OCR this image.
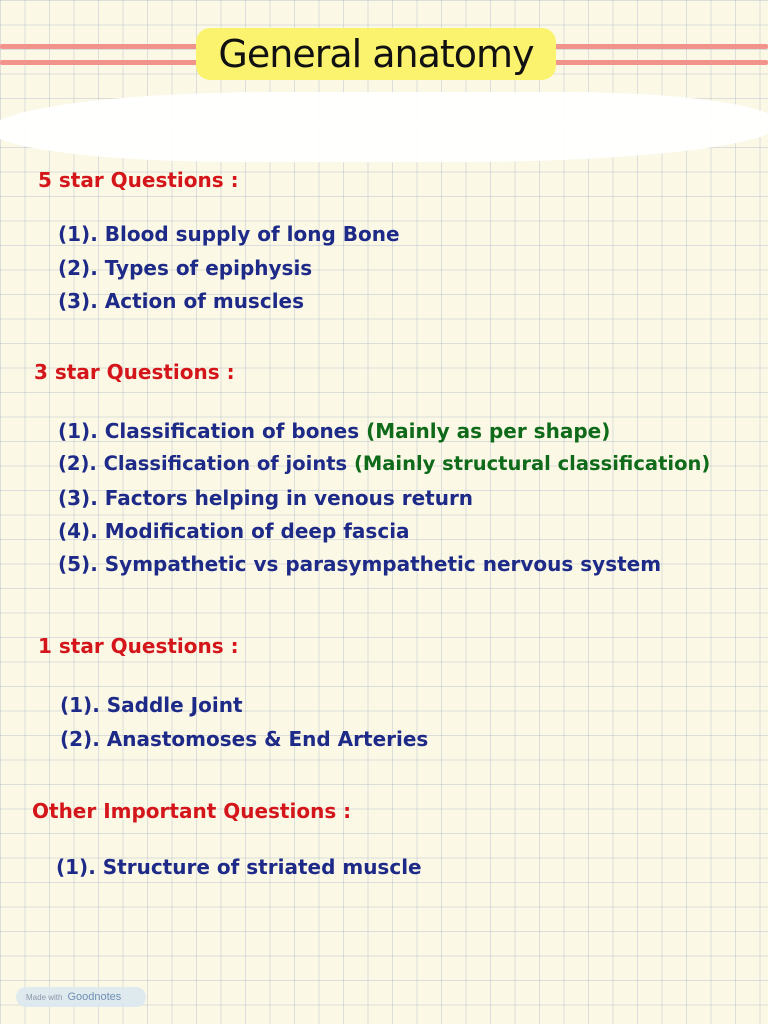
General anatomy

5 star Questions :

(1). Blood supply of long Bone

(2). Types of epiphysis

(3). Action of muscles

3 star Questions :

(1). Classification of bones (Mainly as per shape)

(2). Classification of joints (Mainly structural classification)

(3). Factors helping in venous return

(4). Modification of deep fascia

(5). Sympathetic vs parasympathetic nervous system

1 star Questions :

(1). Saddle Joint

(2). Anastomoses & End Arteries

Other Important Questions :

(1). Structure of striated muscle

Made with Goodnotes
